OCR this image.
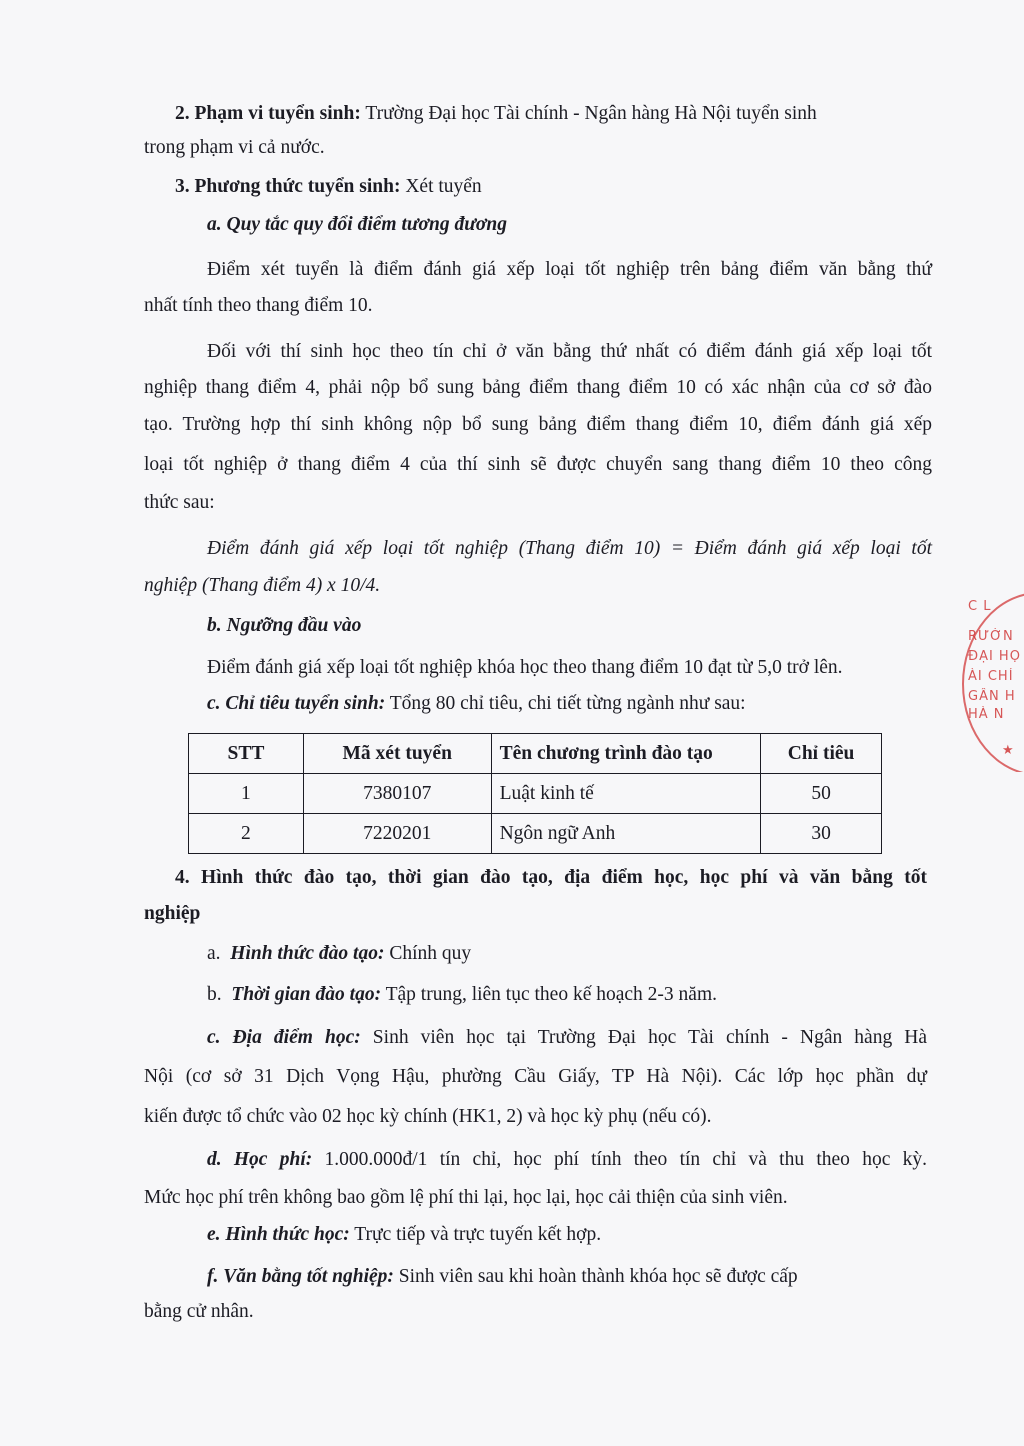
2. Phạm vi tuyển sinh: Trường Đại học Tài chính - Ngân hàng Hà Nội tuyển sinh
trong phạm vi cả nước.
3. Phương thức tuyển sinh: Xét tuyển
a. Quy tắc quy đổi điểm tương đương
Điểm xét tuyển là điểm đánh giá xếp loại tốt nghiệp trên bảng điểm văn bằng thứ
nhất tính theo thang điểm 10.
Đối với thí sinh học theo tín chỉ ở văn bằng thứ nhất có điểm đánh giá xếp loại tốt
nghiệp thang điểm 4, phải nộp bổ sung bảng điểm thang điểm 10 có xác nhận của cơ sở đào
tạo. Trường hợp thí sinh không nộp bổ sung bảng điểm thang điểm 10, điểm đánh giá xếp
loại tốt nghiệp ở thang điểm 4 của thí sinh sẽ được chuyển sang thang điểm 10 theo công
thức sau:
Điểm đánh giá xếp loại tốt nghiệp (Thang điểm 10) = Điểm đánh giá xếp loại tốt
nghiệp (Thang điểm 4) x 10/4.
b. Ngưỡng đầu vào
Điểm đánh giá xếp loại tốt nghiệp khóa học theo thang điểm 10 đạt từ 5,0 trở lên.
c. Chỉ tiêu tuyển sinh: Tổng 80 chỉ tiêu, chi tiết từng ngành như sau:
STT	Mã xét tuyển	Tên chương trình đào tạo	Chỉ tiêu
1	7380107	Luật kinh tế	50
2	7220201	Ngôn ngữ Anh	30
4. Hình thức đào tạo, thời gian đào tạo, địa điểm học, học phí và văn bằng tốt
nghiệp
a. Hình thức đào tạo: Chính quy
b. Thời gian đào tạo: Tập trung, liên tục theo kế hoạch 2-3 năm.
c. Địa điểm học: Sinh viên học tại Trường Đại học Tài chính - Ngân hàng Hà
Nội (cơ sở 31 Dịch Vọng Hậu, phường Cầu Giấy, TP Hà Nội). Các lớp học phần dự
kiến được tổ chức vào 02 học kỳ chính (HK1, 2) và học kỳ phụ (nếu có).
d. Học phí: 1.000.000đ/1 tín chỉ, học phí tính theo tín chỉ và thu theo học kỳ.
Mức học phí trên không bao gồm lệ phí thi lại, học lại, học cải thiện của sinh viên.
e. Hình thức học: Trực tiếp và trực tuyến kết hợp.
f. Văn bằng tốt nghiệp: Sinh viên sau khi hoàn thành khóa học sẽ được cấp
bằng cử nhân.
C L
RƯỜN
ĐẠI HỌ
ÀI CHÍ
GÂN H
HÀ N
★
